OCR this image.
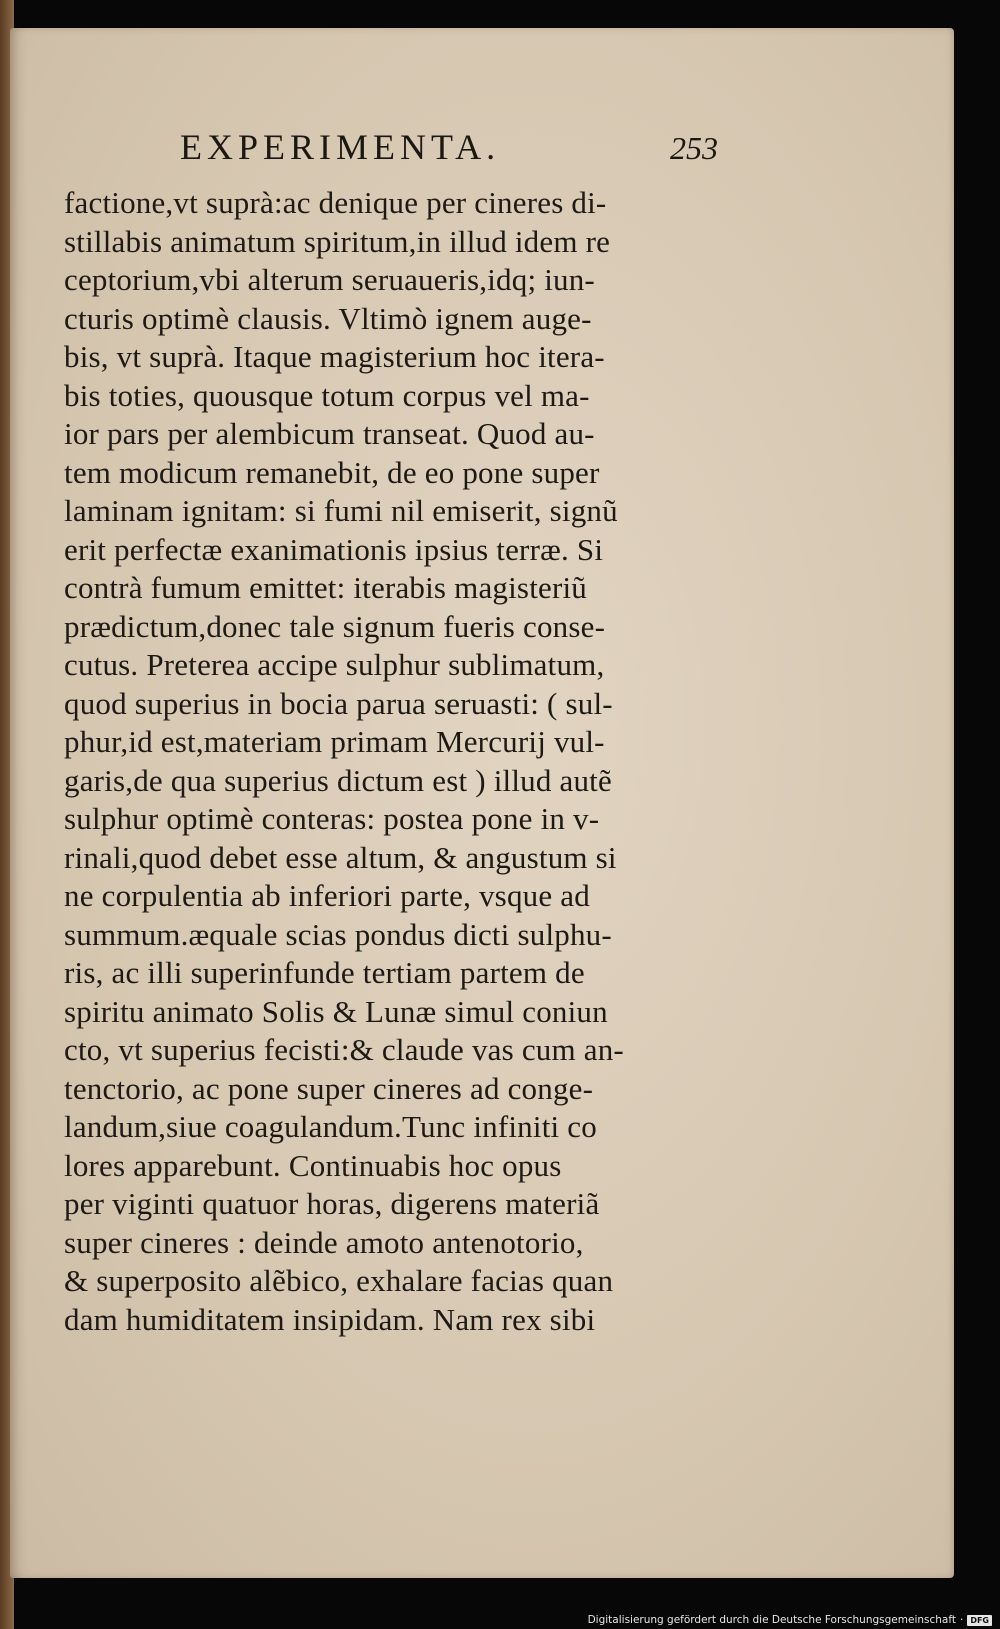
EXPERIMENTA.	253
factione,vt suprà:ac denique per cineres di-
stillabis animatum spiritum,in illud idem re
ceptorium,vbi alterum seruaueris,idq; iun-
cturis optimè clausis. Vltimò ignem auge-
bis, vt suprà. Itaque magisterium hoc itera-
bis toties, quousque totum corpus vel ma-
ior pars per alembicum transeat. Quod au-
tem modicum remanebit, de eo pone super
laminam ignitam: si fumi nil emiserit, signũ
erit perfectæ exanimationis ipsius terræ. Si
contrà fumum emittet: iterabis magisteriũ
prædictum,donec tale signum fueris conse-
cutus. Preterea accipe sulphur sublimatum,
quod superius in bocia parua seruasti: ( sul-
phur,id est,materiam primam Mercurij vul-
garis,de qua superius dictum est ) illud autẽ
sulphur optimè conteras: postea pone in v-
rinali,quod debet esse altum, & angustum si
ne corpulentia ab inferiori parte, vsque ad
summum.æquale scias pondus dicti sulphu-
ris, ac illi superinfunde tertiam partem de
spiritu animato Solis & Lunæ simul coniun
cto, vt superius fecisti:& claude vas cum an-
tenctorio, ac pone super cineres ad conge-
landum,siue coagulandum.Tunc infiniti co
lores apparebunt. Continuabis hoc opus
per viginti quatuor horas, digerens materiã
super cineres : deinde amoto antenotorio,
& superposito alẽbico, exhalare facias quan
dam humiditatem insipidam. Nam rex sibi
Digitalisierung gefördert durch die Deutsche Forschungsgemeinschaft · DFG
